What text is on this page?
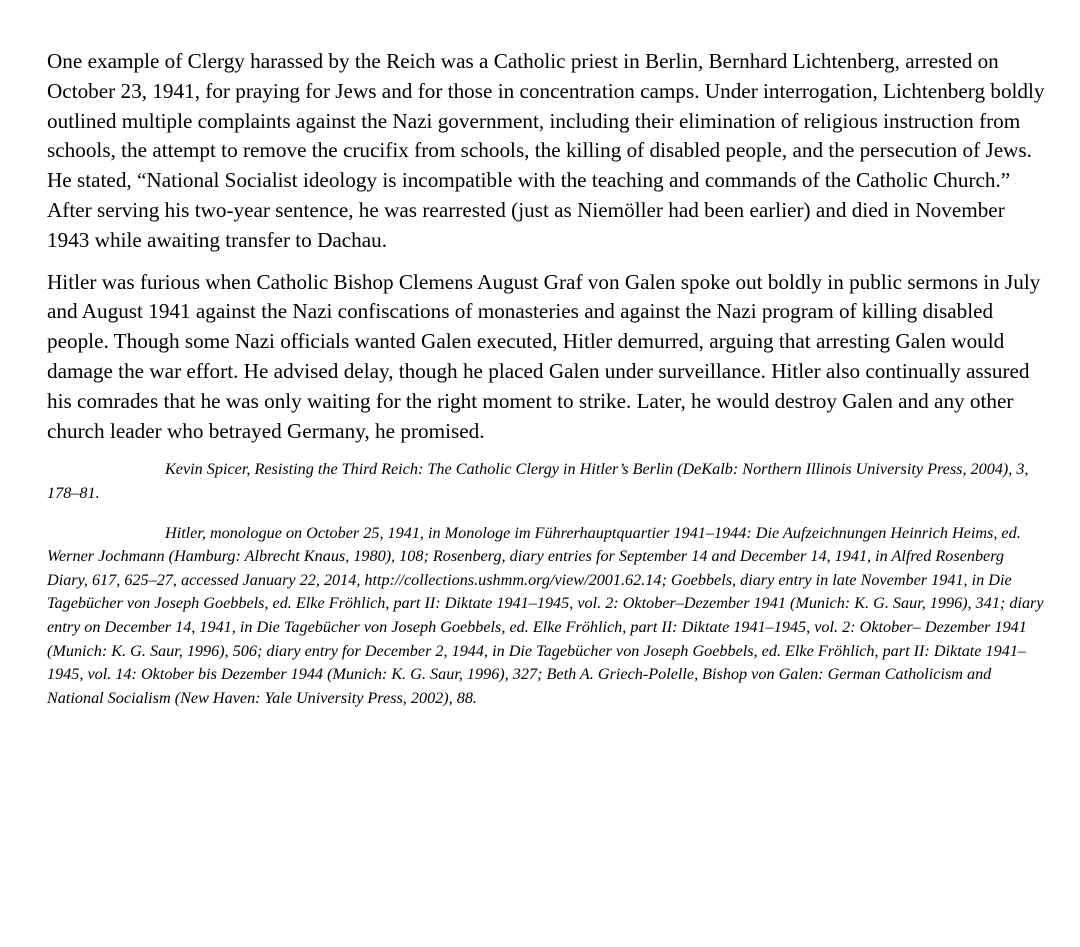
One example of Clergy harassed by the Reich was a Catholic priest in Berlin, Bernhard Lichtenberg, arrested on October 23, 1941, for praying for Jews and for those in concentration camps. Under interrogation, Lichtenberg boldly outlined multiple complaints against the Nazi government, including their elimination of religious instruction from schools, the attempt to remove the crucifix from schools, the killing of disabled people, and the persecution of Jews. He stated, “National Socialist ideology is incompatible with the teaching and commands of the Catholic Church.” After serving his two-year sentence, he was rearrested (just as Niemöller had been earlier) and died in November 1943 while awaiting transfer to Dachau.

Hitler was furious when Catholic Bishop Clemens August Graf von Galen spoke out boldly in public sermons in July and August 1941 against the Nazi confiscations of monasteries and against the Nazi program of killing disabled people. Though some Nazi officials wanted Galen executed, Hitler demurred, arguing that arresting Galen would damage the war effort. He advised delay, though he placed Galen under surveillance. Hitler also continually assured his comrades that he was only waiting for the right moment to strike. Later, he would destroy Galen and any other church leader who betrayed Germany, he promised.

Kevin Spicer, Resisting the Third Reich: The Catholic Clergy in Hitler’s Berlin (DeKalb: Northern Illinois University Press, 2004), 3, 178–81.

Hitler, monologue on October 25, 1941, in Monologe im Führerhauptquartier 1941–1944: Die Aufzeichnungen Heinrich Heims, ed. Werner Jochmann (Hamburg: Albrecht Knaus, 1980), 108; Rosenberg, diary entries for September 14 and December 14, 1941, in Alfred Rosenberg Diary, 617, 625–27, accessed January 22, 2014, http://collections.ushmm.org/view/2001.62.14; Goebbels, diary entry in late November 1941, in Die Tagebücher von Joseph Goebbels, ed. Elke Fröhlich, part II: Diktate 1941–1945, vol. 2: Oktober–Dezember 1941 (Munich: K. G. Saur, 1996), 341; diary entry on December 14, 1941, in Die Tagebücher von Joseph Goebbels, ed. Elke Fröhlich, part II: Diktate 1941–1945, vol. 2: Oktober– Dezember 1941 (Munich: K. G. Saur, 1996), 506; diary entry for December 2, 1944, in Die Tagebücher von Joseph Goebbels, ed. Elke Fröhlich, part II: Diktate 1941–1945, vol. 14: Oktober bis Dezember 1944 (Munich: K. G. Saur, 1996), 327; Beth A. Griech-Polelle, Bishop von Galen: German Catholicism and National Socialism (New Haven: Yale University Press, 2002), 88.
